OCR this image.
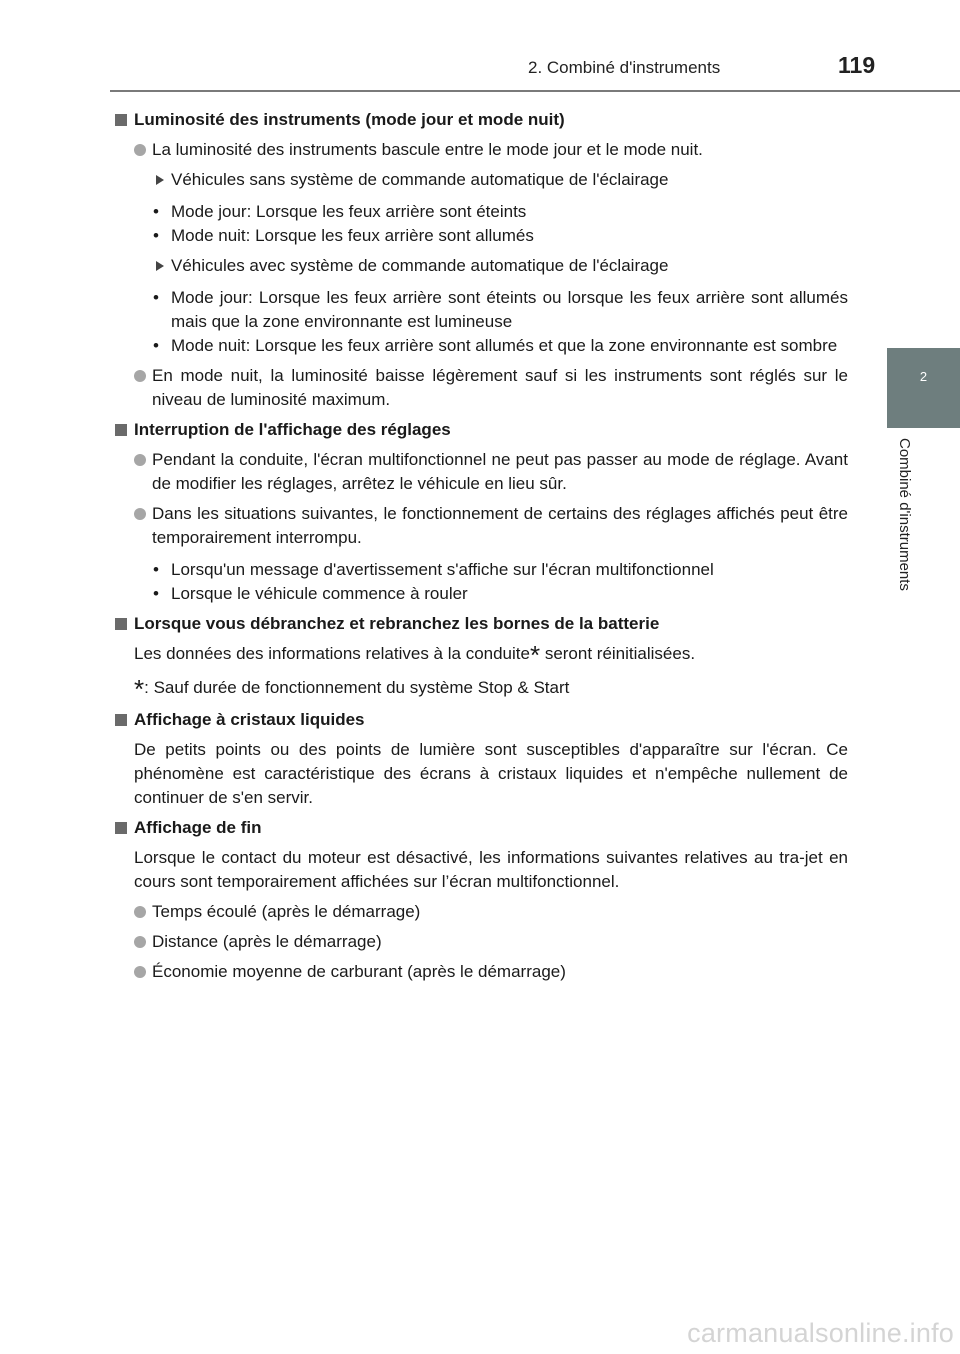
2. Combiné d'instruments	119
2
Combiné d'instruments
Luminosité des instruments (mode jour et mode nuit)
La luminosité des instruments bascule entre le mode jour et le mode nuit.
Véhicules sans système de commande automatique de l'éclairage
• Mode jour: Lorsque les feux arrière sont éteints
• Mode nuit: Lorsque les feux arrière sont allumés
Véhicules avec système de commande automatique de l'éclairage
• Mode jour: Lorsque les feux arrière sont éteints ou lorsque les feux arrière sont allumés mais que la zone environnante est lumineuse
• Mode nuit: Lorsque les feux arrière sont allumés et que la zone environnante est sombre
En mode nuit, la luminosité baisse légèrement sauf si les instruments sont réglés sur le niveau de luminosité maximum.
Interruption de l'affichage des réglages
Pendant la conduite, l'écran multifonctionnel ne peut pas passer au mode de réglage. Avant de modifier les réglages, arrêtez le véhicule en lieu sûr.
Dans les situations suivantes, le fonctionnement de certains des réglages affichés peut être temporairement interrompu.
• Lorsqu'un message d'avertissement s'affiche sur l'écran multifonctionnel
• Lorsque le véhicule commence à rouler
Lorsque vous débranchez et rebranchez les bornes de la batterie
Les données des informations relatives à la conduite* seront réinitialisées.
*: Sauf durée de fonctionnement du système Stop & Start
Affichage à cristaux liquides
De petits points ou des points de lumière sont susceptibles d'apparaître sur l'écran. Ce phénomène est caractéristique des écrans à cristaux liquides et n'empêche nullement de continuer de s'en servir.
Affichage de fin
Lorsque le contact du moteur est désactivé, les informations suivantes relatives au tra-jet en cours sont temporairement affichées sur l’écran multifonctionnel.
Temps écoulé (après le démarrage)
Distance (après le démarrage)
Économie moyenne de carburant (après le démarrage)
carmanualsonline.info
